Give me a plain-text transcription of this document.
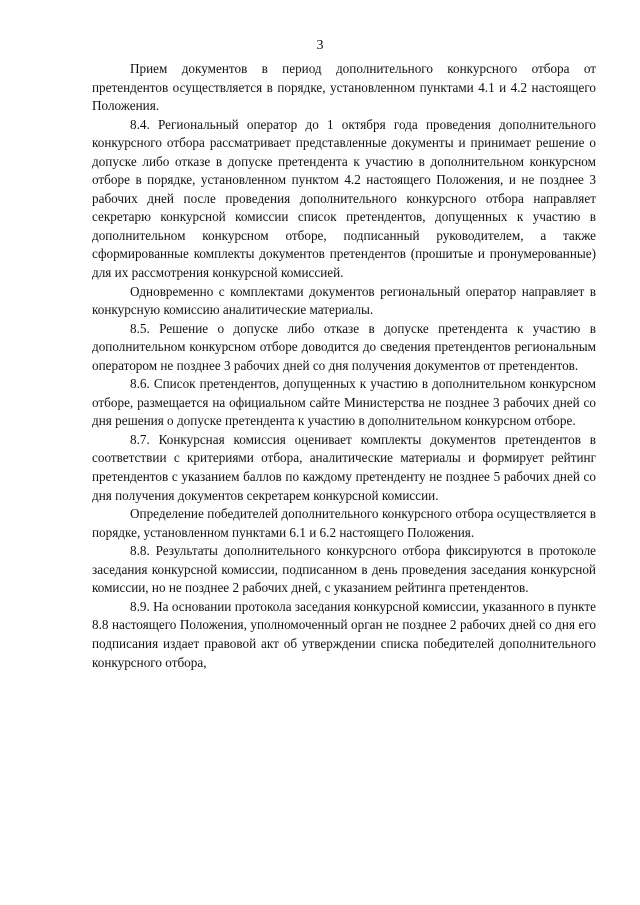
3

Прием документов в период дополнительного конкурсного отбора от претендентов осуществляется в порядке, установленном пунктами 4.1 и 4.2 настоящего Положения.

8.4. Региональный оператор до 1 октября года проведения дополнительного конкурсного отбора рассматривает представленные документы и принимает решение о допуске либо отказе в допуске претендента к участию в дополнительном конкурсном отборе в порядке, установленном пунктом 4.2 настоящего Положения, и не позднее 3 рабочих дней после проведения дополнительного конкурсного отбора направляет секретарю конкурсной комиссии список претендентов, допущенных к участию в дополнительном конкурсном отборе, подписанный руководителем, а также сформированные комплекты документов претендентов (прошитые и пронумерованные) для их рассмотрения конкурсной комиссией.

Одновременно с комплектами документов региональный оператор направляет в конкурсную комиссию аналитические материалы.

8.5. Решение о допуске либо отказе в допуске претендента к участию в дополнительном конкурсном отборе доводится до сведения претендентов региональным оператором не позднее 3 рабочих дней со дня получения документов от претендентов.

8.6. Список претендентов, допущенных к участию в дополнительном конкурсном отборе, размещается на официальном сайте Министерства не позднее 3 рабочих дней со дня решения о допуске претендента к участию в дополнительном конкурсном отборе.

8.7. Конкурсная комиссия оценивает комплекты документов претендентов в соответствии с критериями отбора, аналитические материалы и формирует рейтинг претендентов с указанием баллов по каждому претенденту не позднее 5 рабочих дней со дня получения документов секретарем конкурсной комиссии.

Определение победителей дополнительного конкурсного отбора осуществляется в порядке, установленном пунктами 6.1 и 6.2 настоящего Положения.

8.8. Результаты дополнительного конкурсного отбора фиксируются в протоколе заседания конкурсной комиссии, подписанном в день проведения заседания конкурсной комиссии, но не позднее 2 рабочих дней, с указанием рейтинга претендентов.

8.9. На основании протокола заседания конкурсной комиссии, указанного в пункте 8.8 настоящего Положения, уполномоченный орган не позднее 2 рабочих дней со дня его подписания издает правовой акт об утверждении списка победителей дополнительного конкурсного отбора,
